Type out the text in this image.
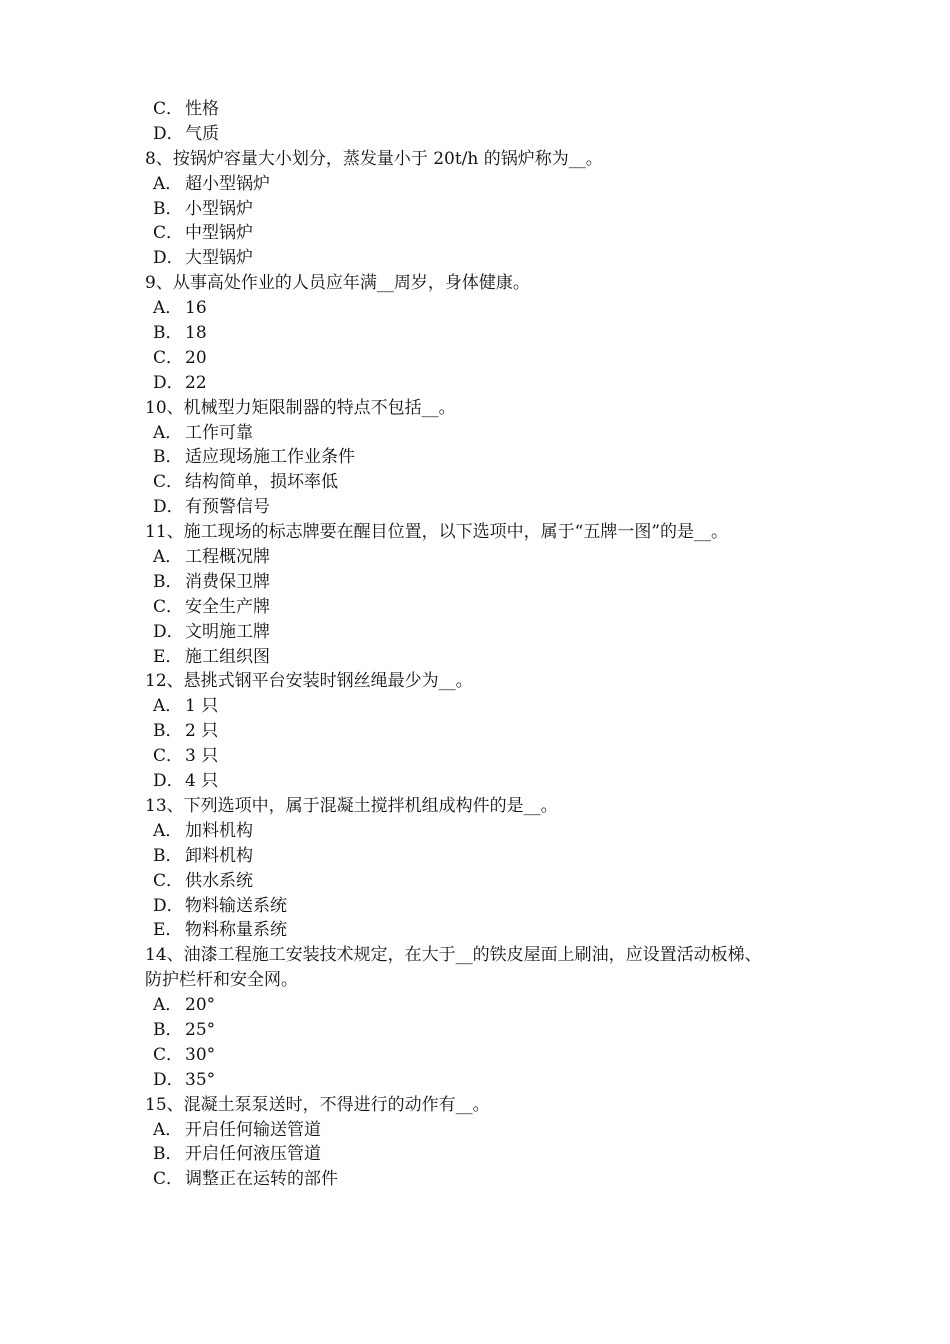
C． 性格
D．气质
8、按锅炉容量大小划分，蒸发量小于 20t/h 的锅炉称为__。
A． 超小型锅炉
B． 小型锅炉
C． 中型锅炉
D．大型锅炉
9、从事高处作业的人员应年满__周岁，身体健康。
A． 16
B． 18
C． 20
D．22
10、机械型力矩限制器的特点不包括__。
A． 工作可靠
B． 适应现场施工作业条件
C． 结构简单，损坏率低
D．有预警信号
11、施工现场的标志牌要在醒目位置，以下选项中，属于“五牌一图”的是__。
A． 工程概况牌
B． 消费保卫牌
C． 安全生产牌
D．文明施工牌
E． 施工组织图
12、悬挑式钢平台安装时钢丝绳最少为__。
A． 1 只
B． 2 只
C． 3 只
D．4 只
13、下列选项中，属于混凝土搅拌机组成构件的是__。
A． 加料机构
B． 卸料机构
C． 供水系统
D．物料输送系统
E． 物料称量系统
14、油漆工程施工安装技术规定，在大于__的铁皮屋面上刷油，应设置活动板梯、
防护栏杆和安全网。
A． 20°
B． 25°
C． 30°
D．35°
15、混凝土泵泵送时，不得进行的动作有__。
A． 开启任何输送管道
B． 开启任何液压管道
C． 调整正在运转的部件
